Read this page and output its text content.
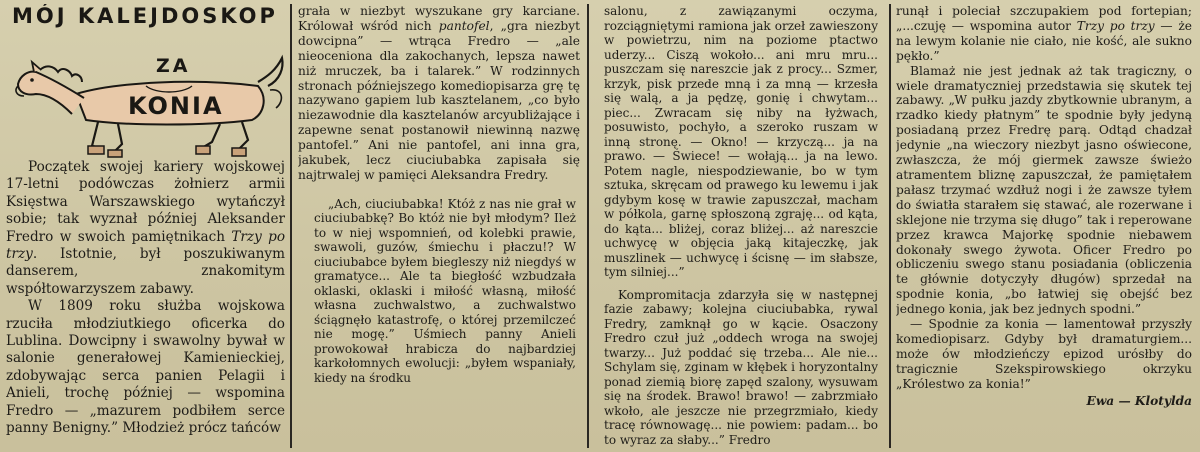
MÓJ KALEJDOSKOP
ZA
KONIA

Początek swojej kariery wojskowej 17-letni podówczas żołnierz armii Księstwa Warszawskiego wytańczył sobie; tak wyznał później Aleksander Fredro w swoich pamiętnikach Trzy po trzy. Istotnie, był poszukiwanym danserem, znakomitym współtowarzyszem zabawy.

W 1809 roku służba wojskowa rzuciła młodziutkiego oficerka do Lublina. Dowcipny i swawolny bywał w salonie generałowej Kamienieckiej, zdobywając serca panien Pelagii i Anieli, trochę później — wspomina Fredro — „mazurem podbiłem serce panny Benigny.” Młodzież prócz tańców

grała w niezbyt wyszukane gry karciane. Królował wśród nich pantofel, „gra niezbyt dowcipna” — wtrąca Fredro — „ale nieoceniona dla zakochanych, lepsza nawet niż mruczek, ba i talarek.” W rodzinnych stronach późniejszego komediopisarza grę tę nazywano gapiem lub kasztelanem, „co było niezawodnie dla kasztelanów arcyubliżające i zapewne senat postanowił niewinną nazwę pantofel.” Ani nie pantofel, ani inna gra, jakubek, lecz ciuciubabka zapisała się najtrwalej w pamięci Aleksandra Fredry.

„Ach, ciuciubabka! Któż z nas nie grał w ciuciubabkę? Bo któż nie był młodym? Ileż to w niej wspomnień, od kolebki prawie, swawoli, guzów, śmiechu i płaczu!? W ciuciubabce byłem biegleszy niż niegdyś w gramatyce... Ale ta biegłość wzbudzała oklaski, oklaski i miłość własną, miłość własna zuchwalstwo, a zuchwalstwo ściągnęło katastrofę, o której przemilczeć nie mogę.” Uśmiech panny Anieli prowokował hrabicza do najbardziej karkołomnych ewolucji: „byłem wspaniały, kiedy na środku

salonu, z zawiązanymi oczyma, rozciągniętymi ramiona jak orzeł zawieszony w powietrzu, nim na poziome ptactwo uderzy... Ciszą wokoło... ani mru mru... puszczam się nareszcie jak z procy... Szmer, krzyk, pisk przede mną i za mną — krzesła się walą, a ja pędzę, gonię i chwytam... piec... Zwracam się niby na łyżwach, posuwisto, pochyło, a szeroko ruszam w inną stronę. — Okno! — krzyczą... ja na prawo. — Świece! — wołają... ja na lewo. Potem nagle, niespodziewanie, bo w tym sztuka, skręcam od prawego ku lewemu i jak gdybym kosę w trawie zapuszczał, macham w półkola, garnę spłoszoną zgraję... od kąta, do kąta... bliżej, coraz bliżej... aż nareszcie uchwycę w objęcia jaką kitajeczkę, jak muszlinek — uchwycę i ścisnę — im słabsze, tym silniej...”

Kompromitacja zdarzyła się w następnej fazie zabawy; kolejna ciuciubabka, rywal Fredry, zamknął go w kącie. Osaczony Fredro czuł już „oddech wroga na swojej twarzy... Już poddać się trzeba... Ale nie... Schylam się, zginam w kłębek i horyzontalny ponad ziemią biorę zapęd szalony, wysuwam się na środek. Brawo! brawo! — zabrzmiało wkoło, ale jeszcze nie przegrzmiało, kiedy tracę równowagę... nie powiem: padam... bo to wyraz za słaby...” Fredro

runął i poleciał szczupakiem pod fortepian; „...czuję — wspomina autor Trzy po trzy — że na lewym kolanie nie ciało, nie kość, ale sukno pękło.”

Blamaż nie jest jednak aż tak tragiczny, o wiele dramatyczniej przedstawia się skutek tej zabawy. „W pułku jazdy zbytkownie ubranym, a rzadko kiedy płatnym” te spodnie były jedyną posiadaną przez Fredrę parą. Odtąd chadzał jedynie „na wieczory niezbyt jasno oświecone, zwłaszcza, że mój giermek zawsze świeżo atramentem bliznę zapuszczał, że pamiętałem pałasz trzymać wzdłuż nogi i że zawsze tyłem do światła starałem się stawać, ale rozerwane i sklejone nie trzyma się długo” tak i reperowane przez krawca Majorkę spodnie niebawem dokonały swego żywota. Oficer Fredro po obliczeniu swego stanu posiadania (obliczenia te głównie dotyczyły długów) sprzedał na spodnie konia, „bo łatwiej się obejść bez jednego konia, jak bez jednych spodni.”

— Spodnie za konia — lamentował przyszły komediopisarz. Gdyby był dramaturgiem... może ów młodzieńczy epizod urósłby do tragicznie Szekspirowskiego okrzyku „Królestwo za konia!”

Ewa — Klotylda
